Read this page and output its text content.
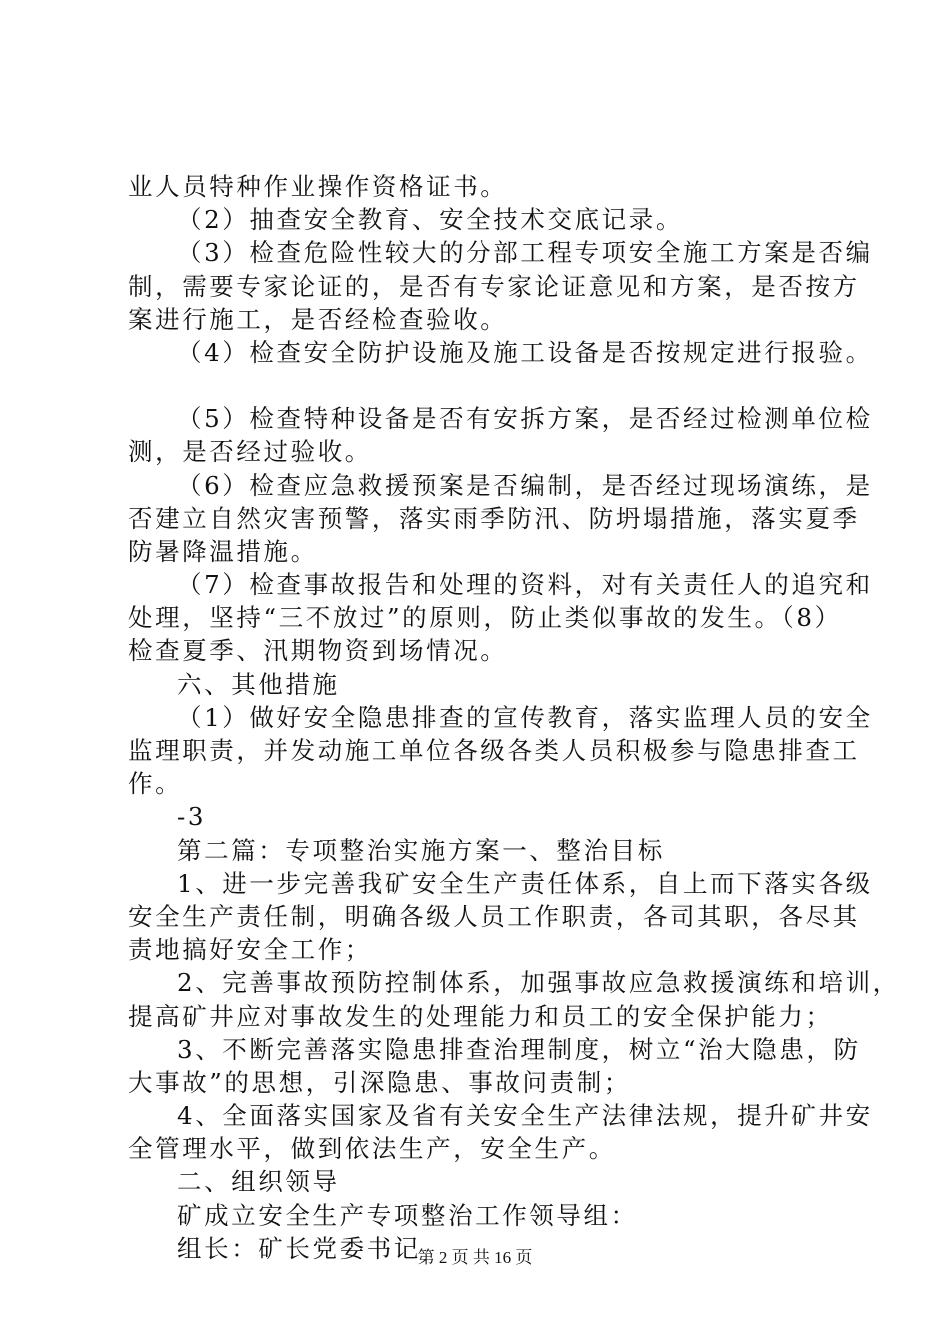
业人员特种作业操作资格证书。
（2）抽查安全教育、安全技术交底记录。
（3）检查危险性较大的分部工程专项安全施工方案是否编
制，需要专家论证的，是否有专家论证意见和方案，是否按方
案进行施工，是否经检查验收。
（4）检查安全防护设施及施工设备是否按规定进行报验。
（5）检查特种设备是否有安拆方案，是否经过检测单位检
测，是否经过验收。
（6）检查应急救援预案是否编制，是否经过现场演练，是
否建立自然灾害预警，落实雨季防汛、防坍塌措施，落实夏季
防暑降温措施。
（7）检查事故报告和处理的资料，对有关责任人的追究和
处理，坚持“三不放过”的原则，防止类似事故的发生。（8）
检查夏季、汛期物资到场情况。
六、其他措施
（1）做好安全隐患排查的宣传教育，落实监理人员的安全
监理职责，并发动施工单位各级各类人员积极参与隐患排查工
作。
-3
第二篇：专项整治实施方案一、整治目标
1、进一步完善我矿安全生产责任体系，自上而下落实各级
安全生产责任制，明确各级人员工作职责，各司其职，各尽其
责地搞好安全工作；
2、完善事故预防控制体系，加强事故应急救援演练和培训，
提高矿井应对事故发生的处理能力和员工的安全保护能力；
3、不断完善落实隐患排查治理制度，树立“治大隐患，防
大事故”的思想，引深隐患、事故问责制；
4、全面落实国家及省有关安全生产法律法规，提升矿井安
全管理水平，做到依法生产，安全生产。
二、组织领导
矿成立安全生产专项整治工作领导组：
组长：矿长党委书记
第 2 页 共 16 页
